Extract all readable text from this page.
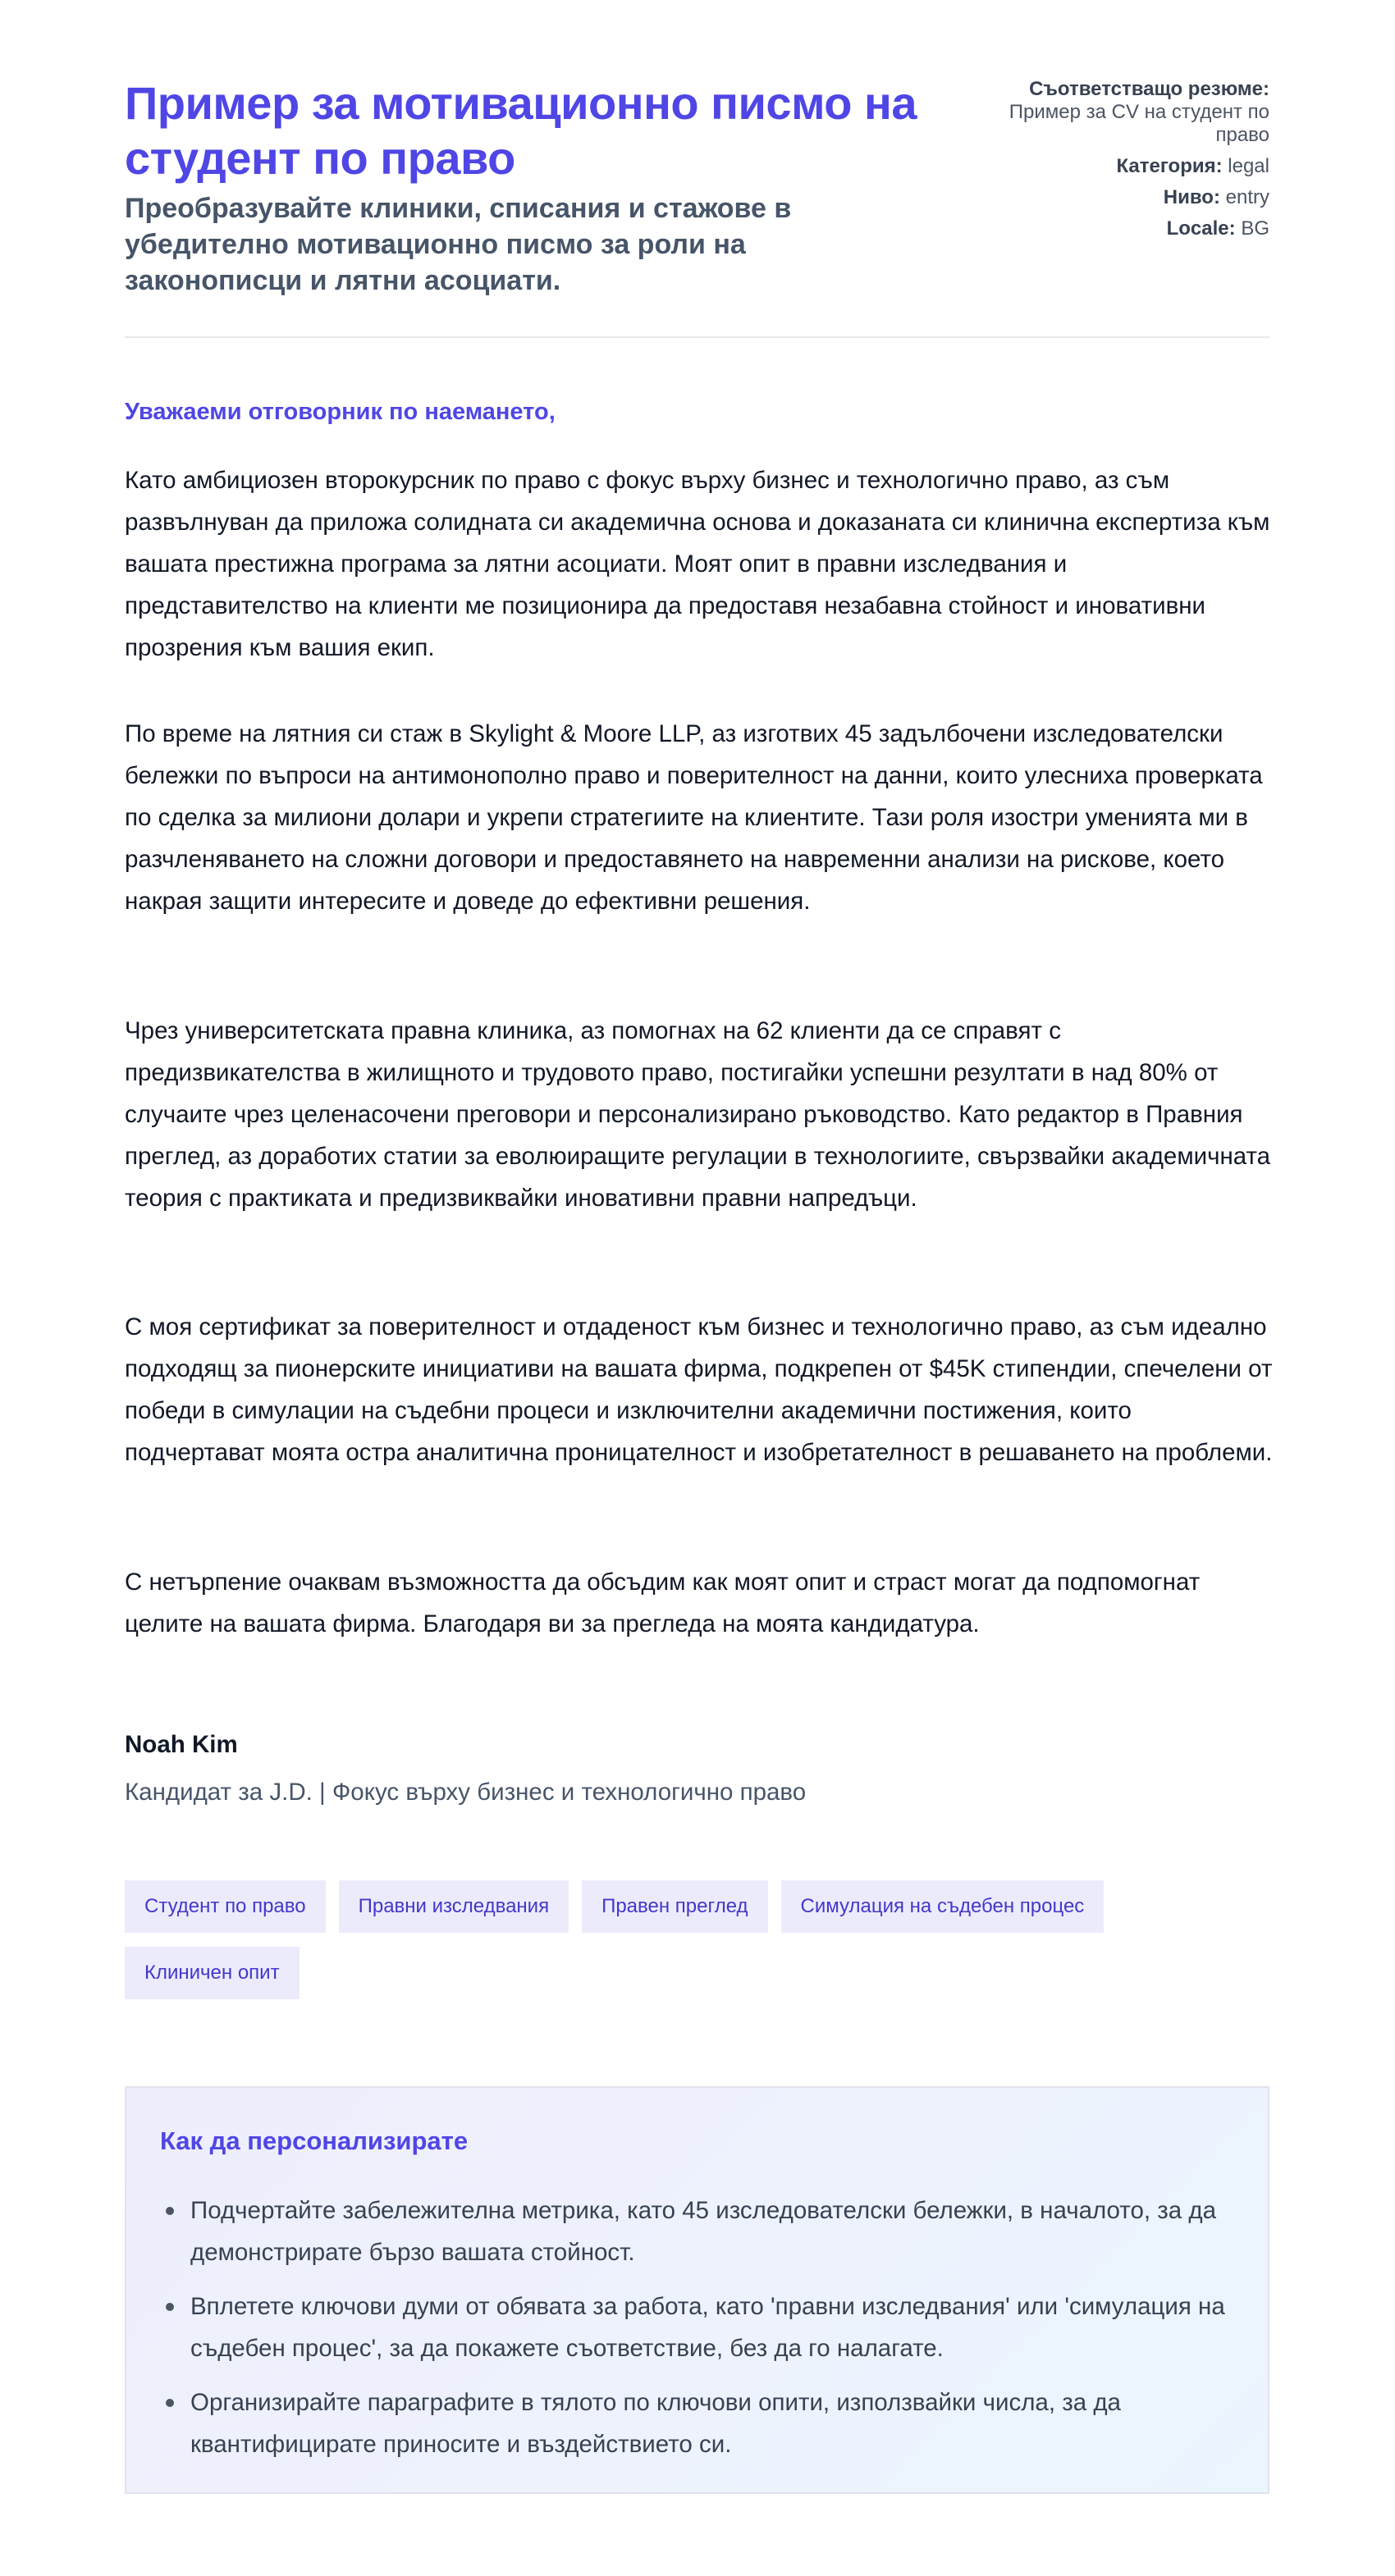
Пример за мотивационно писмо на студент по право

Преобразувайте клиники, списания и стажове в убедително мотивационно писмо за роли на законописци и лятни асоциати.

Съответстващо резюме:
Пример за CV на студент по право
Категория: legal
Ниво: entry
Locale: BG

Уважаеми отговорник по наемането,

Като амбициозен второкурсник по право с фокус върху бизнес и технологично право, аз съм развълнуван да приложа солидната си академична основа и доказаната си клинична експертиза към вашата престижна програма за лятни асоциати. Моят опит в правни изследвания и представителство на клиенти ме позиционира да предоставя незабавна стойност и иновативни прозрения към вашия екип.

По време на лятния си стаж в Skylight & Moore LLP, аз изготвих 45 задълбочени изследователски бележки по въпроси на антимонополно право и поверителност на данни, които улесниха проверката по сделка за милиони долари и укрепи стратегиите на клиентите. Тази роля изостри уменията ми в разчленяването на сложни договори и предоставянето на навременни анализи на рискове, което накрая защити интересите и доведе до ефективни решения.

Чрез университетската правна клиника, аз помогнах на 62 клиенти да се справят с предизвикателства в жилищното и трудовото право, постигайки успешни резултати в над 80% от случаите чрез целенасочени преговори и персонализирано ръководство. Като редактор в Правния преглед, аз доработих статии за еволюиращите регулации в технологиите, свързвайки академичната теория с практиката и предизвиквайки иновативни правни напредъци.

С моя сертификат за поверителност и отдаденост към бизнес и технологично право, аз съм идеално подходящ за пионерските инициативи на вашата фирма, подкрепен от $45K стипендии, спечелени от победи в симулации на съдебни процеси и изключителни академични постижения, които подчертават моята остра аналитична проницателност и изобретателност в решаването на проблеми.

С нетърпение очаквам възможността да обсъдим как моят опит и страст могат да подпомогнат целите на вашата фирма. Благодаря ви за прегледа на моята кандидатура.

Noah Kim
Кандидат за J.D. | Фокус върху бизнес и технологично право
Студент по право	Правни изследвания	Правен преглед	Симулация на съдебен процес
Клиничен опит
Как да персонализирате
Подчертайте забележителна метрика, като 45 изследователски бележки, в началото, за да демонстрирате бързо вашата стойност.
Вплетете ключови думи от обявата за работа, като 'правни изследвания' или 'симулация на съдебен процес', за да покажете съответствие, без да го налагате.
Организирайте параграфите в тялото по ключови опити, използвайки числа, за да квантифицирате приносите и въздействието си.
